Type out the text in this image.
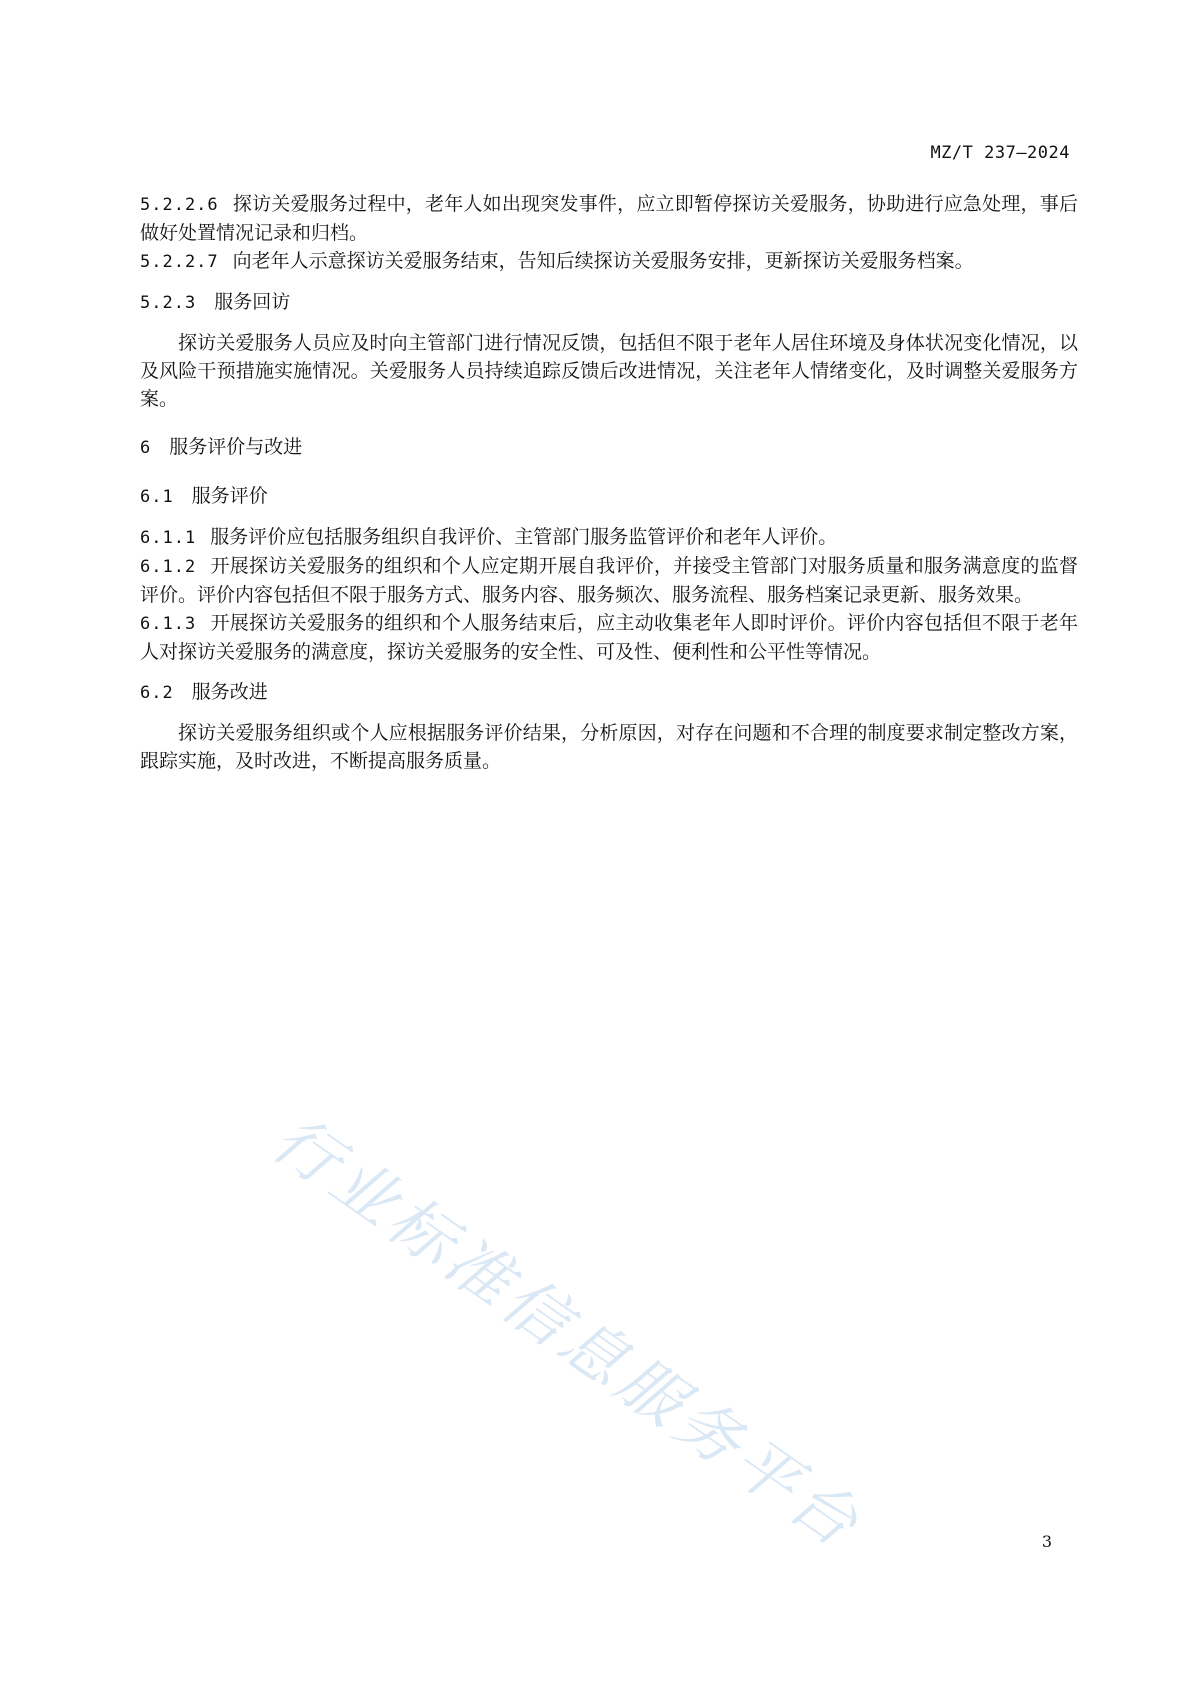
MZ/T 237—2024

5.2.2.6 探访关爱服务过程中，老年人如出现突发事件，应立即暂停探访关爱服务，协助进行应急处理，事后做好处置情况记录和归档。

5.2.2.7 向老年人示意探访关爱服务结束，告知后续探访关爱服务安排，更新探访关爱服务档案。

5.2.3 服务回访

探访关爱服务人员应及时向主管部门进行情况反馈，包括但不限于老年人居住环境及身体状况变化情况，以及风险干预措施实施情况。关爱服务人员持续追踪反馈后改进情况，关注老年人情绪变化，及时调整关爱服务方案。

6 服务评价与改进

6.1 服务评价

6.1.1 服务评价应包括服务组织自我评价、主管部门服务监管评价和老年人评价。

6.1.2 开展探访关爱服务的组织和个人应定期开展自我评价，并接受主管部门对服务质量和服务满意度的监督评价。评价内容包括但不限于服务方式、服务内容、服务频次、服务流程、服务档案记录更新、服务效果。

6.1.3 开展探访关爱服务的组织和个人服务结束后，应主动收集老年人即时评价。评价内容包括但不限于老年人对探访关爱服务的满意度，探访关爱服务的安全性、可及性、便利性和公平性等情况。

6.2 服务改进

探访关爱服务组织或个人应根据服务评价结果，分析原因，对存在问题和不合理的制度要求制定整改方案，跟踪实施，及时改进，不断提高服务质量。

行业标准信息服务平台	3
